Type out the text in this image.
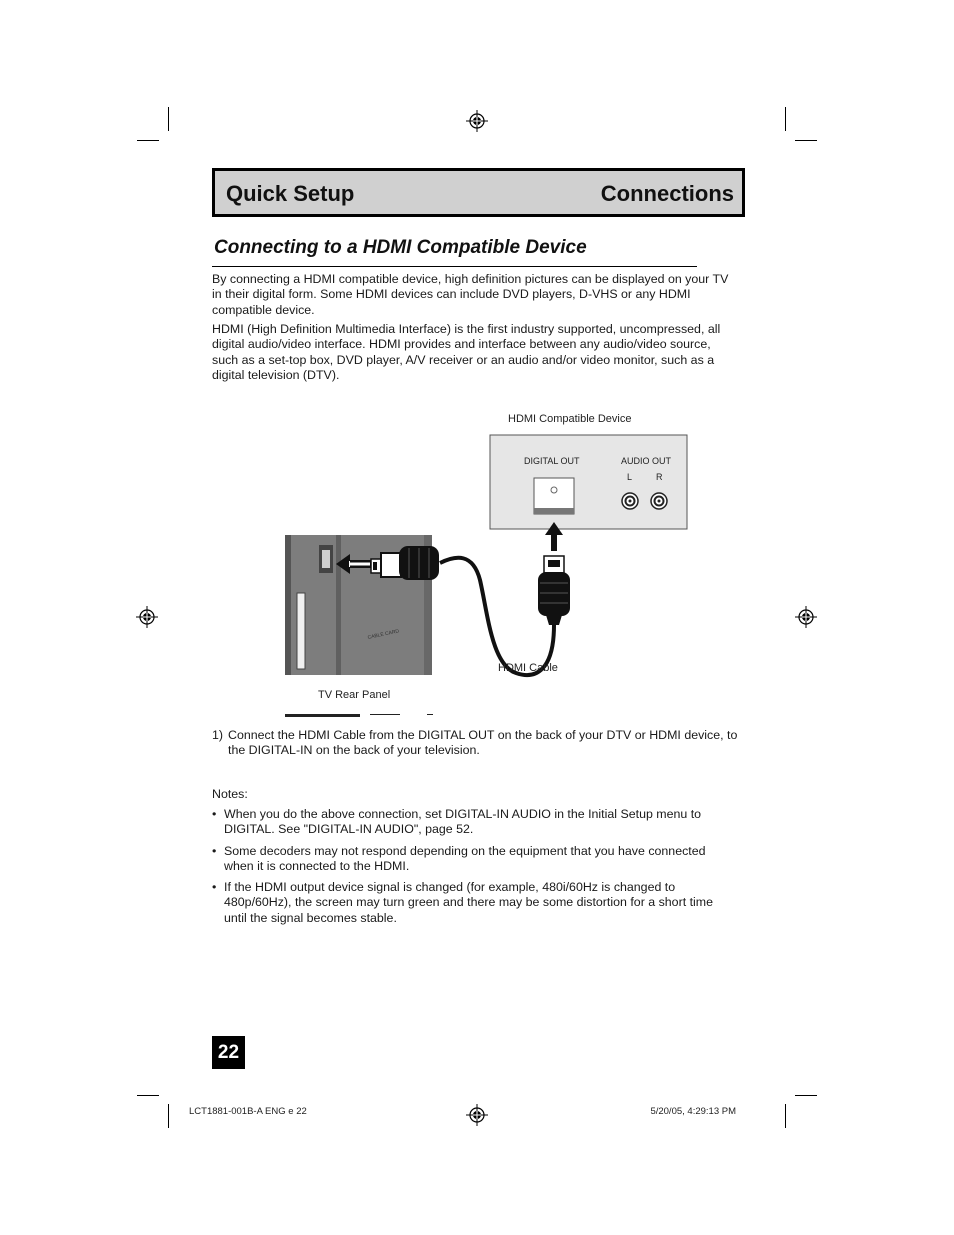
Quick Setup	Connections
Connecting to a HDMI Compatible Device
By connecting a HDMI compatible device, high definition pictures can be displayed on your TV in their digital form. Some HDMI devices can include DVD players, D-VHS or any HDMI compatible device.
HDMI (High Definition Multimedia Interface) is the first industry supported, uncompressed, all digital audio/video interface. HDMI provides and interface between any audio/video source, such as a set-top box, DVD player, A/V receiver or an audio and/or video monitor, such as a digital television (DTV).
HDMI Compatible Device
CABLE CARD
DIGITAL OUT	AUDIO OUT
L	R
HDMI Cable
TV Rear Panel
1) Connect the HDMI Cable from the DIGITAL OUT on the back of your DTV or HDMI device, to the DIGITAL-IN on the back of your television.
Notes:
• When you do the above connection, set DIGITAL-IN AUDIO in the Initial Setup menu to DIGITAL. See "DIGITAL-IN AUDIO", page 52.
• Some decoders may not respond depending on the equipment that you have connected when it is connected to the HDMI.
• If the HDMI output device signal is changed (for example, 480i/60Hz is changed to 480p/60Hz), the screen may turn green and there may be some distortion for a short time until the signal becomes stable.
22
LCT1881-001B-A ENG e 22	5/20/05, 4:29:13 PM
